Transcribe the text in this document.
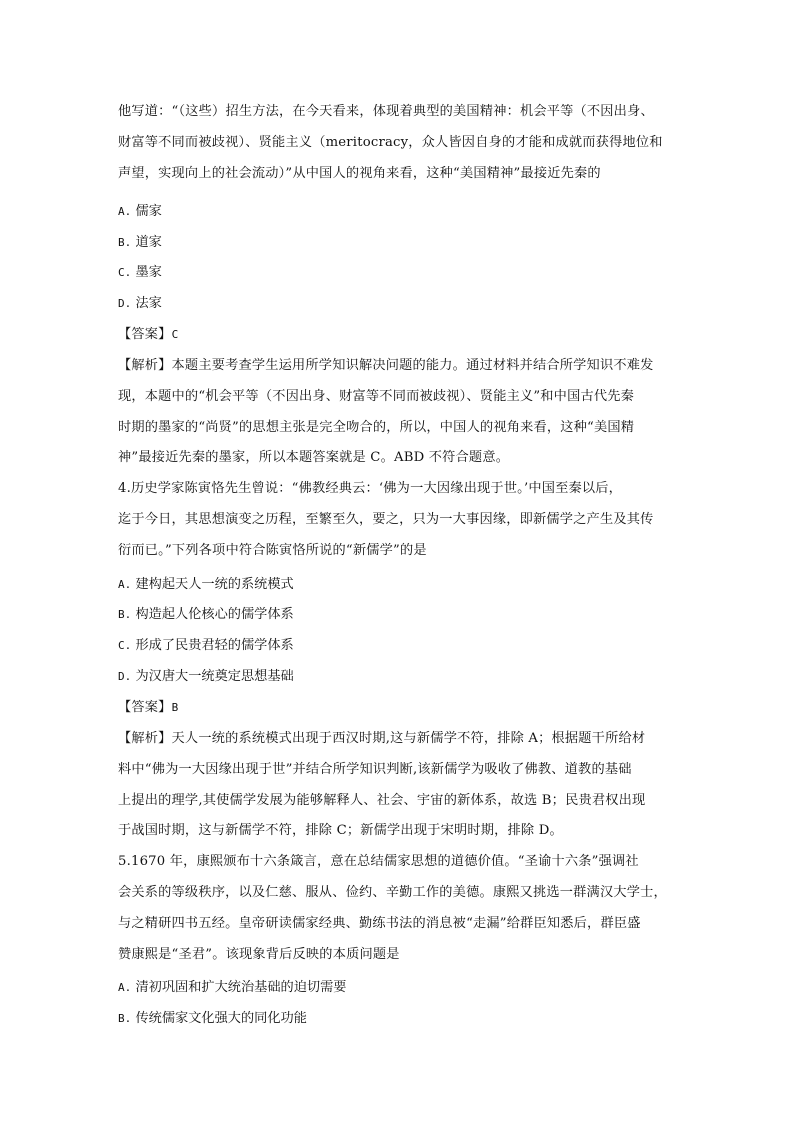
他写道：“（这些）招生方法，在今天看来，体现着典型的美国精神：机会平等（不因出身、
财富等不同而被歧视）、贤能主义（meritocracy，众人皆因自身的才能和成就而获得地位和
声望，实现向上的社会流动）”从中国人的视角来看，这种“美国精神”最接近先秦的
A. 儒家
B. 道家
C. 墨家
D. 法家
【答案】C
【解析】本题主要考查学生运用所学知识解决问题的能力。通过材料并结合所学知识不难发
现，本题中的“机会平等（不因出身、财富等不同而被歧视）、贤能主义”和中国古代先秦
时期的墨家的“尚贤”的思想主张是完全吻合的，所以，中国人的视角来看，这种“美国精
神”最接近先秦的墨家，所以本题答案就是 C。ABD 不符合题意。
4.历史学家陈寅恪先生曾说：“佛教经典云：‘佛为一大因缘出现于世。’中国至秦以后，
迄于今日，其思想演变之历程，至繁至久，要之，只为一大事因缘，即新儒学之产生及其传
衍而已。”下列各项中符合陈寅恪所说的“新儒学”的是
A. 建构起天人一统的系统模式
B. 构造起人伦核心的儒学体系
C. 形成了民贵君轻的儒学体系
D. 为汉唐大一统奠定思想基础
【答案】B
【解析】天人一统的系统模式出现于西汉时期,这与新儒学不符，排除 A；根据题干所给材
料中“佛为一大因缘出现于世”并结合所学知识判断,该新儒学为吸收了佛教、道教的基础
上提出的理学,其使儒学发展为能够解释人、社会、宇宙的新体系，故选 B；民贵君权出现
于战国时期，这与新儒学不符，排除 C；新儒学出现于宋明时期，排除 D。
5.1670 年，康熙颁布十六条箴言，意在总结儒家思想的道德价值。“圣谕十六条”强调社
会关系的等级秩序，以及仁慈、服从、俭约、辛勤工作的美德。康熙又挑选一群满汉大学士，
与之精研四书五经。皇帝研读儒家经典、勤练书法的消息被“走漏”给群臣知悉后，群臣盛
赞康熙是“圣君”。该现象背后反映的本质问题是
A. 清初巩固和扩大统治基础的迫切需要
B. 传统儒家文化强大的同化功能
